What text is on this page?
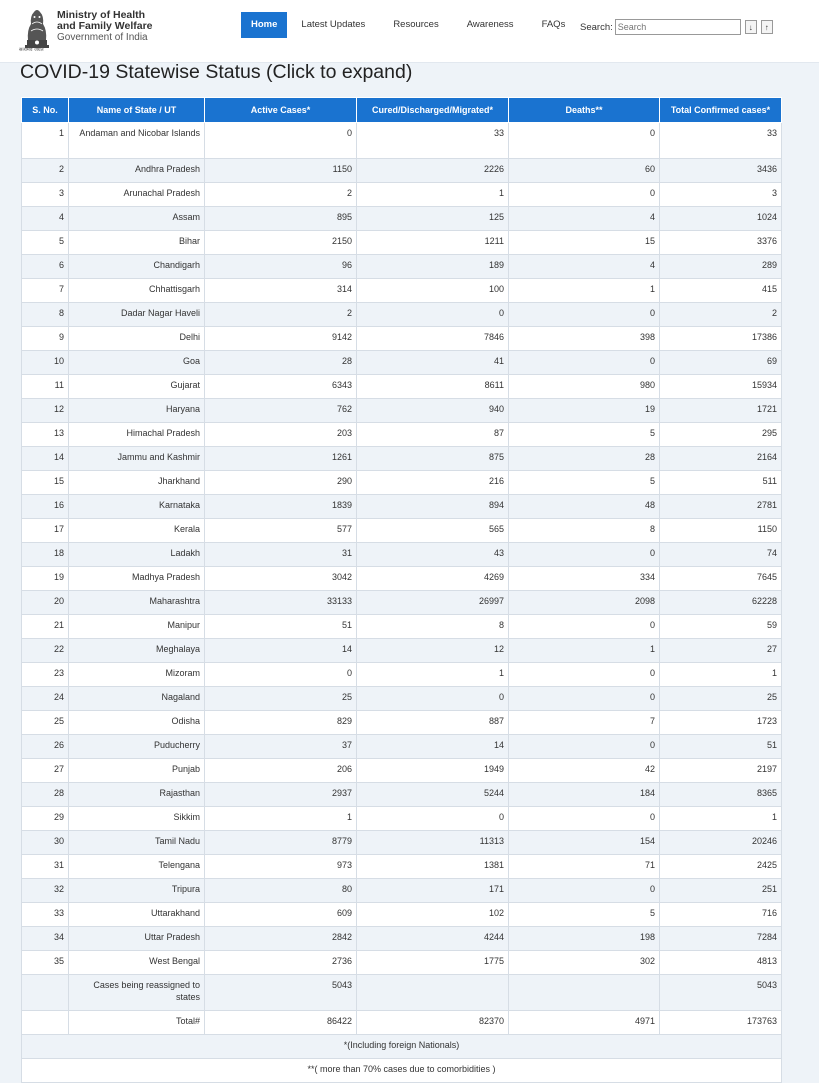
सत्यमेव जयते
Ministry of Health
and Family Welfare
Government of India
Home	Latest Updates	Resources	Awareness	FAQs	Search:
Search	↓	↑
COVID-19 Statewise Status (Click to expand)
S. No.	Name of State / UT	Active Cases*	Cured/Discharged/Migrated*	Deaths**	Total Confirmed cases*
1	Andaman and Nicobar Islands	0	33	0	33
2	Andhra Pradesh	1150	2226	60	3436
3	Arunachal Pradesh	2	1	0	3
4	Assam	895	125	4	1024
5	Bihar	2150	1211	15	3376
6	Chandigarh	96	189	4	289
7	Chhattisgarh	314	100	1	415
8	Dadar Nagar Haveli	2	0	0	2
9	Delhi	9142	7846	398	17386
10	Goa	28	41	0	69
11	Gujarat	6343	8611	980	15934
12	Haryana	762	940	19	1721
13	Himachal Pradesh	203	87	5	295
14	Jammu and Kashmir	1261	875	28	2164
15	Jharkhand	290	216	5	511
16	Karnataka	1839	894	48	2781
17	Kerala	577	565	8	1150
18	Ladakh	31	43	0	74
19	Madhya Pradesh	3042	4269	334	7645
20	Maharashtra	33133	26997	2098	62228
21	Manipur	51	8	0	59
22	Meghalaya	14	12	1	27
23	Mizoram	0	1	0	1
24	Nagaland	25	0	0	25
25	Odisha	829	887	7	1723
26	Puducherry	37	14	0	51
27	Punjab	206	1949	42	2197
28	Rajasthan	2937	5244	184	8365
29	Sikkim	1	0	0	1
30	Tamil Nadu	8779	11313	154	20246
31	Telengana	973	1381	71	2425
32	Tripura	80	171	0	251
33	Uttarakhand	609	102	5	716
34	Uttar Pradesh	2842	4244	198	7284
35	West Bengal	2736	1775	302	4813
	Cases being reassigned to states	5043			5043
	Total#	86422	82370	4971	173763
*(Including foreign Nationals)					
**( more than 70% cases due to comorbidities )					
